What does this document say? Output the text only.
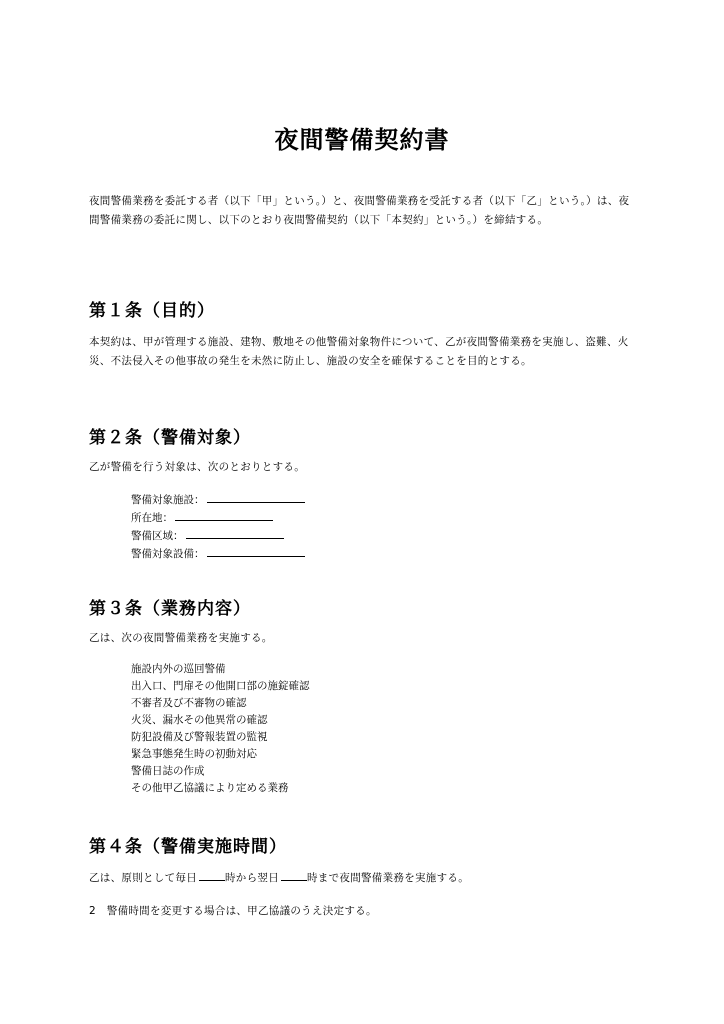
夜間警備契約書

夜間警備業務を委託する者（以下「甲」という。）と、夜間警備業務を受託する者（以下「乙」という。）は、夜間警備業務の委託に関し、以下のとおり夜間警備契約（以下「本契約」という。）を締結する。

第１条（目的）

本契約は、甲が管理する施設、建物、敷地その他警備対象物件について、乙が夜間警備業務を実施し、盗難、火災、不法侵入その他事故の発生を未然に防止し、施設の安全を確保することを目的とする。

第２条（警備対象）

乙が警備を行う対象は、次のとおりとする。

警備対象施設：
所在地：
警備区域：
警備対象設備：
第３条（業務内容）

乙は、次の夜間警備業務を実施する。

施設内外の巡回警備
出入口、門扉その他開口部の施錠確認
不審者及び不審物の確認
火災、漏水その他異常の確認
防犯設備及び警報装置の監視
緊急事態発生時の初動対応
警備日誌の作成
その他甲乙協議により定める業務
第４条（警備実施時間）

乙は、原則として毎日	時から翌日	時まで夜間警備業務を実施する。

2　警備時間を変更する場合は、甲乙協議のうえ決定する。
